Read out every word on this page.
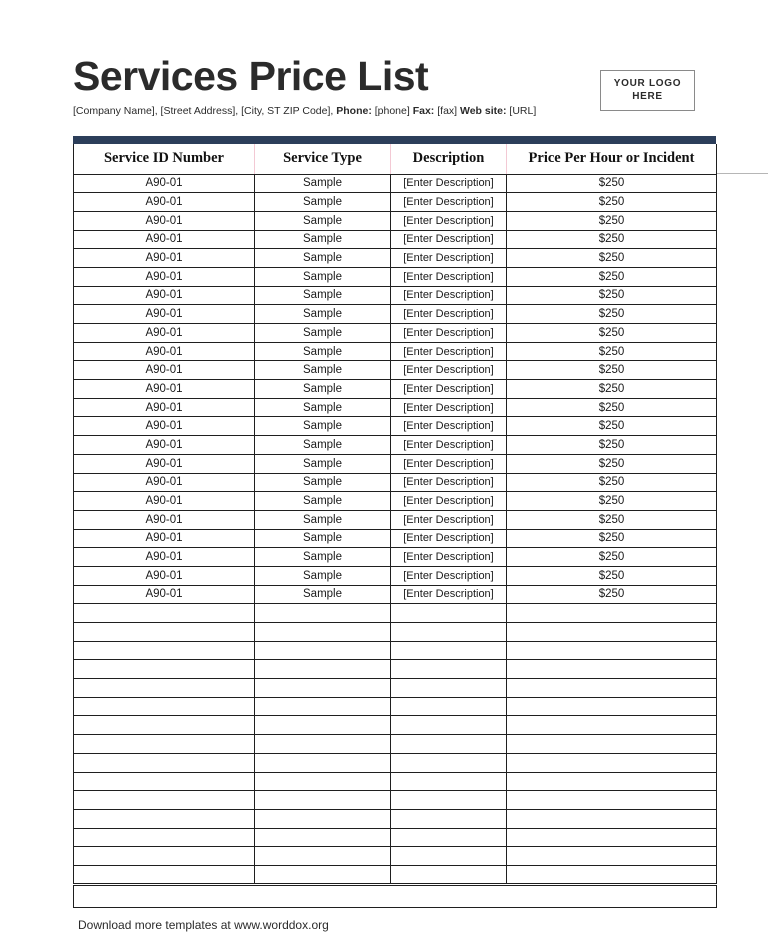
Services Price List
[Company Name], [Street Address], [City, ST ZIP Code], Phone: [phone] Fax: [fax] Web site: [URL]
YOUR LOGO
HERE
Service ID Number	Service Type	Description	Price Per Hour or Incident
A90-01	Sample	[Enter Description]	$250
A90-01	Sample	[Enter Description]	$250
A90-01	Sample	[Enter Description]	$250
A90-01	Sample	[Enter Description]	$250
A90-01	Sample	[Enter Description]	$250
A90-01	Sample	[Enter Description]	$250
A90-01	Sample	[Enter Description]	$250
A90-01	Sample	[Enter Description]	$250
A90-01	Sample	[Enter Description]	$250
A90-01	Sample	[Enter Description]	$250
A90-01	Sample	[Enter Description]	$250
A90-01	Sample	[Enter Description]	$250
A90-01	Sample	[Enter Description]	$250
A90-01	Sample	[Enter Description]	$250
A90-01	Sample	[Enter Description]	$250
A90-01	Sample	[Enter Description]	$250
A90-01	Sample	[Enter Description]	$250
A90-01	Sample	[Enter Description]	$250
A90-01	Sample	[Enter Description]	$250
A90-01	Sample	[Enter Description]	$250
A90-01	Sample	[Enter Description]	$250
A90-01	Sample	[Enter Description]	$250
A90-01	Sample	[Enter Description]	$250

Download more templates at www.worddox.org
